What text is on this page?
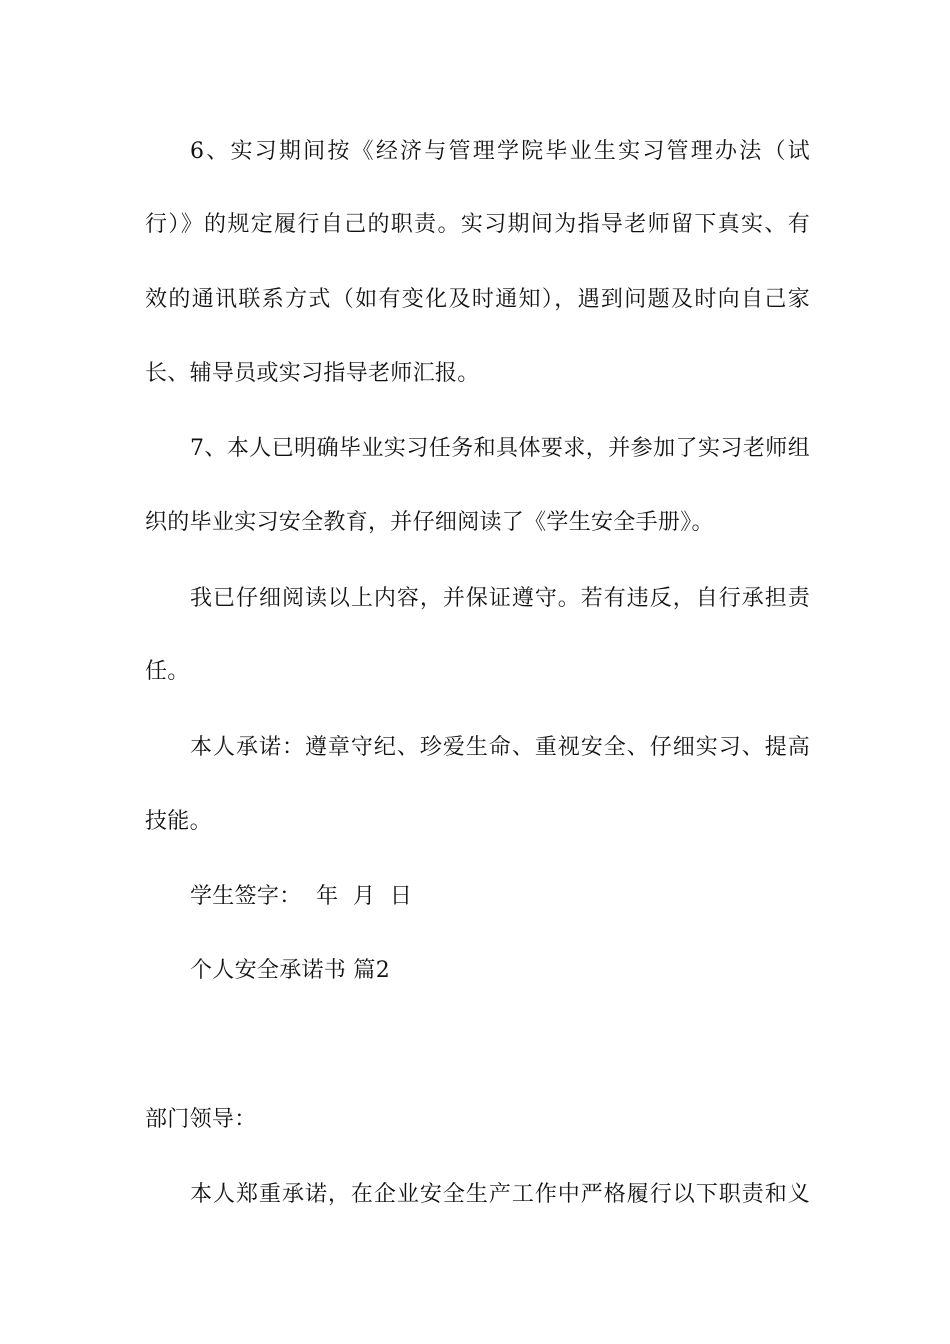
6、实习期间按《经济与管理学院毕业生实习管理办法（试
行）》的规定履行自己的职责。实习期间为指导老师留下真实、有
效的通讯联系方式（如有变化及时通知），遇到问题及时向自己家
长、辅导员或实习指导老师汇报。
7、本人已明确毕业实习任务和具体要求，并参加了实习老师组
织的毕业实习安全教育，并仔细阅读了《学生安全手册》。
我已仔细阅读以上内容，并保证遵守。若有违反，自行承担责
任。
本人承诺：遵章守纪、珍爱生命、重视安全、仔细实习、提高
技能。
学生签字：  年  月  日
个人安全承诺书 篇2
部门领导：
本人郑重承诺，在企业安全生产工作中严格履行以下职责和义
